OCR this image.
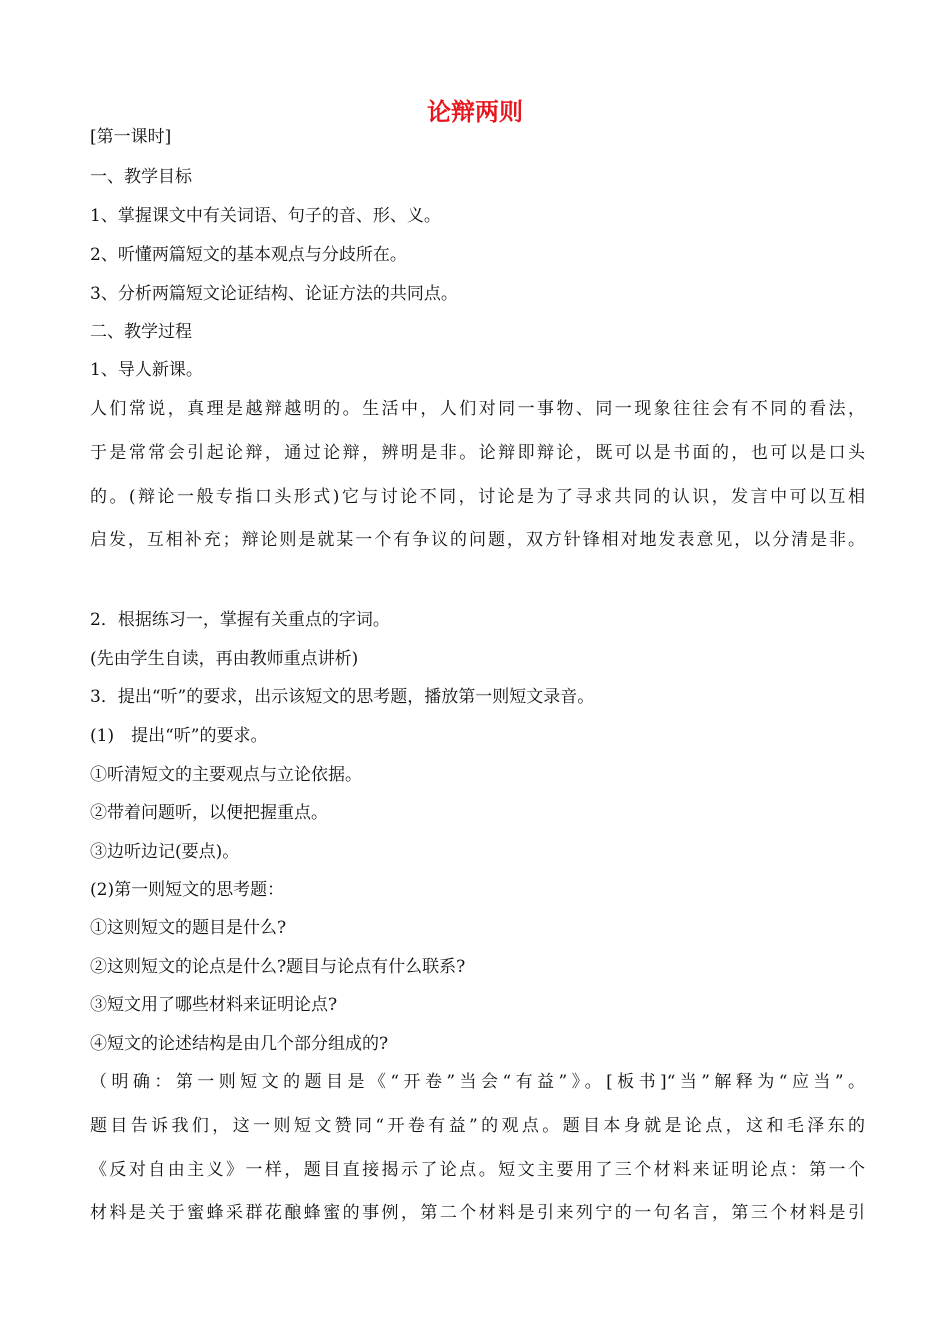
论辩两则
[第一课时]
一、教学目标
1、掌握课文中有关词语、句子的音、形、义。
2、听懂两篇短文的基本观点与分歧所在。
3、分析两篇短文论证结构、论证方法的共同点。
二、教学过程
1、导人新课。
人们常说，真理是越辩越明的。生活中，人们对同一事物、同一现象往往会有不同的看法，
于是常常会引起论辩，通过论辩，辨明是非。论辩即辩论，既可以是书面的，也可以是口头
的。(辩论一般专指口头形式)它与讨论不同，讨论是为了寻求共同的认识，发言中可以互相
启发，互相补充；辩论则是就某一个有争议的问题，双方针锋相对地发表意见，以分清是非。
2．根据练习一，掌握有关重点的字词。
(先由学生自读，再由教师重点讲析)
3．提出“听”的要求，出示该短文的思考题，播放第一则短文录音。
(1)　提出“听”的要求。
①听清短文的主要观点与立论依据。
②带着问题听，以便把握重点。
③边听边记(要点)。
(2)第一则短文的思考题：
①这则短文的题目是什么?
②这则短文的论点是什么?题目与论点有什么联系?
③短文用了哪些材料来证明论点?
④短文的论述结构是由几个部分组成的?
（明确：第一则短文的题目是《“开卷”当会“有益”》。[板书]“当”解释为“应当”。
题目告诉我们，这一则短文赞同“开卷有益”的观点。题目本身就是论点，这和毛泽东的
《反对自由主义》一样，题目直接揭示了论点。短文主要用了三个材料来证明论点：第一个
材料是关于蜜蜂采群花酿蜂蜜的事例，第二个材料是引来列宁的一句名言，第三个材料是引
